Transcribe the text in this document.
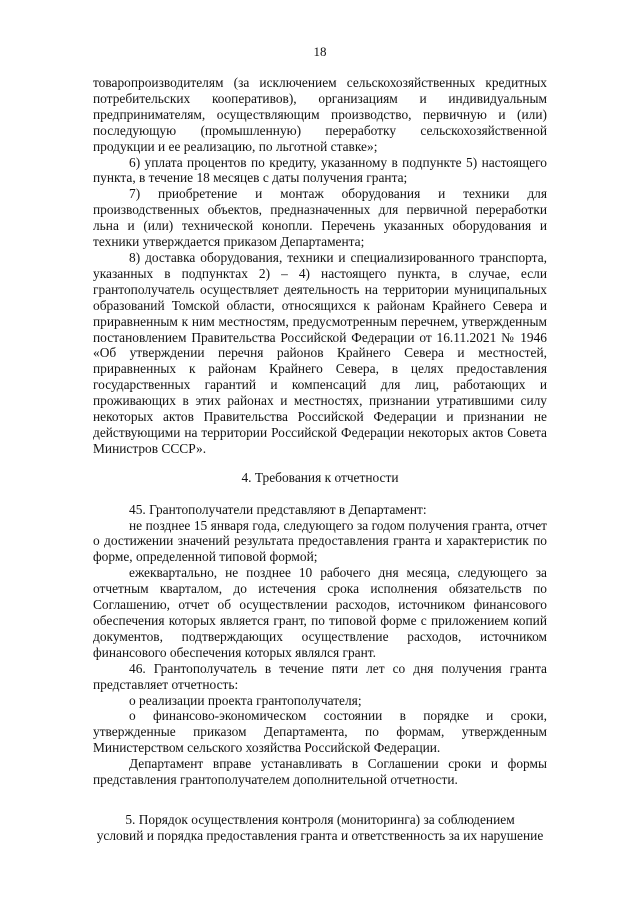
18

товаропроизводителям (за исключением сельскохозяйственных кредитных потребительских кооперативов), организациям и индивидуальным предпринимателям, осуществляющим производство, первичную и (или) последующую (промышленную) переработку сельскохозяйственной продукции и ее реализацию, по льготной ставке»;

6) уплата процентов по кредиту, указанному в подпункте 5) настоящего пункта, в течение 18 месяцев с даты получения гранта;

7) приобретение и монтаж оборудования и техники для производственных объектов, предназначенных для первичной переработки льна и (или) технической конопли. Перечень указанных оборудования и техники утверждается приказом Департамента;

8) доставка оборудования, техники и специализированного транспорта, указанных в подпунктах 2) – 4) настоящего пункта, в случае, если грантополучатель осуществляет деятельность на территории муниципальных образований Томской области, относящихся к районам Крайнего Севера и приравненным к ним местностям, предусмотренным перечнем, утвержденным постановлением Правительства Российской Федерации от 16.11.2021 № 1946 «Об утверждении перечня районов Крайнего Севера и местностей, приравненных к районам Крайнего Севера, в целях предоставления государственных гарантий и компенсаций для лиц, работающих и проживающих в этих районах и местностях, признании утратившими силу некоторых актов Правительства Российской Федерации и признании не действующими на территории Российской Федерации некоторых актов Совета Министров СССР».

4. Требования к отчетности

45. Грантополучатели представляют в Департамент:

не позднее 15 января года, следующего за годом получения гранта, отчет о достижении значений результата предоставления гранта и характеристик по форме, определенной типовой формой;

ежеквартально, не позднее 10 рабочего дня месяца, следующего за отчетным кварталом, до истечения срока исполнения обязательств по Соглашению, отчет об осуществлении расходов, источником финансового обеспечения которых является грант, по типовой форме с приложением копий документов, подтверждающих осуществление расходов, источником финансового обеспечения которых являлся грант.

46. Грантополучатель в течение пяти лет со дня получения гранта представляет отчетность:

о реализации проекта грантополучателя;

о финансово-экономическом состоянии в порядке и сроки, утвержденные приказом Департамента, по формам, утвержденным Министерством сельского хозяйства Российской Федерации.

Департамент вправе устанавливать в Соглашении сроки и формы представления грантополучателем дополнительной отчетности.

5. Порядок осуществления контроля (мониторинга) за соблюдением
условий и порядка предоставления гранта и ответственность за их нарушение
